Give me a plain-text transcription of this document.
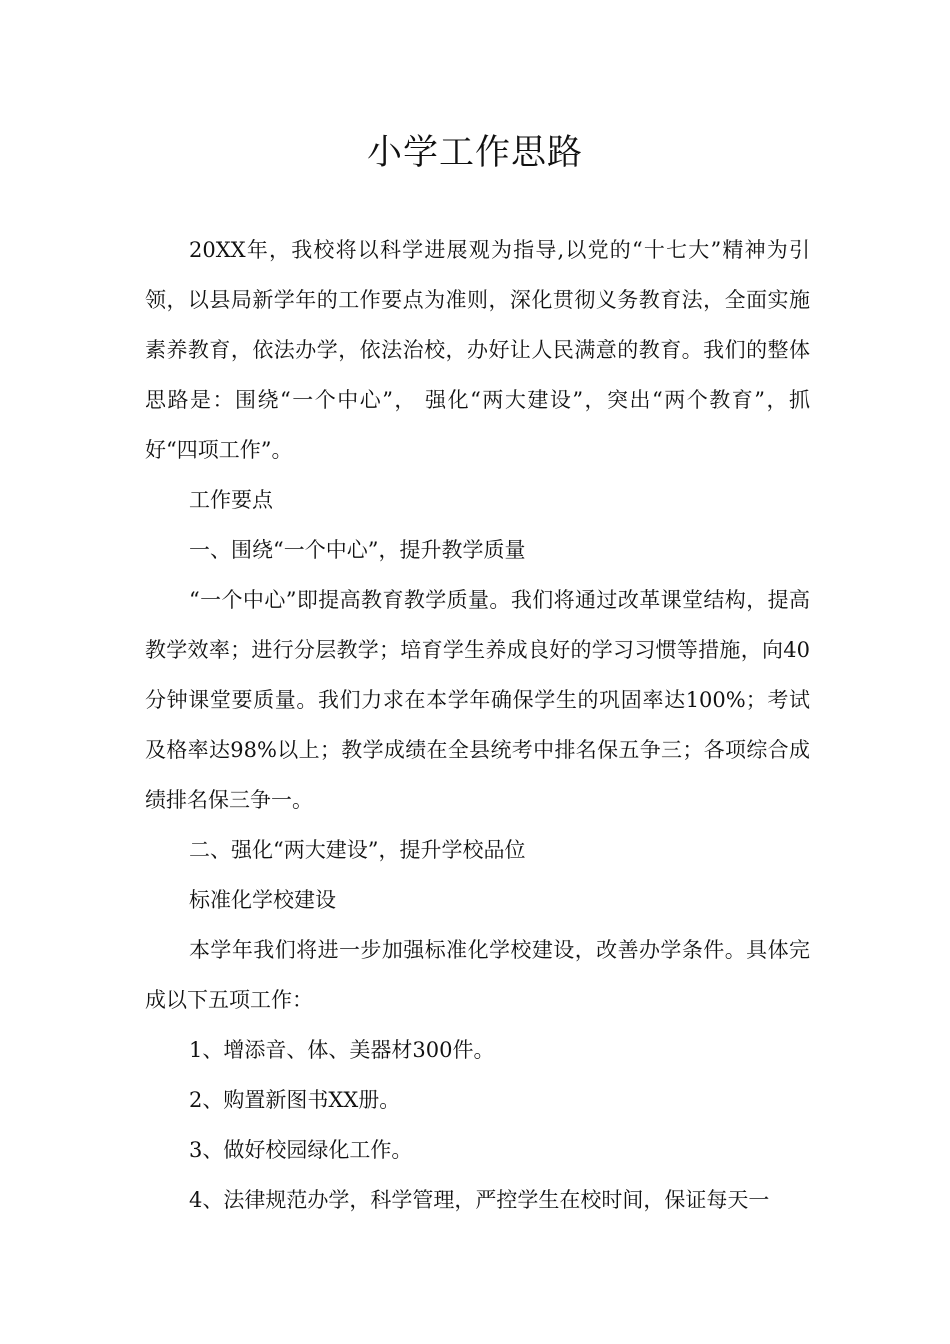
小学工作思路

20XX年，我校将以科学进展观为指导,以党的“十七大”精神为引领，以县局新学年的工作要点为准则，深化贯彻义务教育法，全面实施素养教育，依法办学，依法治校，办好让人民满意的教育。我们的整体思路是：围绕“一个中心”， 强化“两大建设”，突出“两个教育”，抓好“四项工作”。

工作要点

一、围绕“一个中心”，提升教学质量

“一个中心”即提高教育教学质量。我们将通过改革课堂结构，提高教学效率；进行分层教学；培育学生养成良好的学习习惯等措施，向40分钟课堂要质量。我们力求在本学年确保学生的巩固率达100%；考试及格率达98%以上；教学成绩在全县统考中排名保五争三；各项综合成绩排名保三争一。

二、强化“两大建设”，提升学校品位

标准化学校建设

本学年我们将进一步加强标准化学校建设，改善办学条件。具体完成以下五项工作：

1、增添音、体、美器材300件。

2、购置新图书XX册。

3、做好校园绿化工作。

4、法律规范办学，科学管理，严控学生在校时间，保证每天一
